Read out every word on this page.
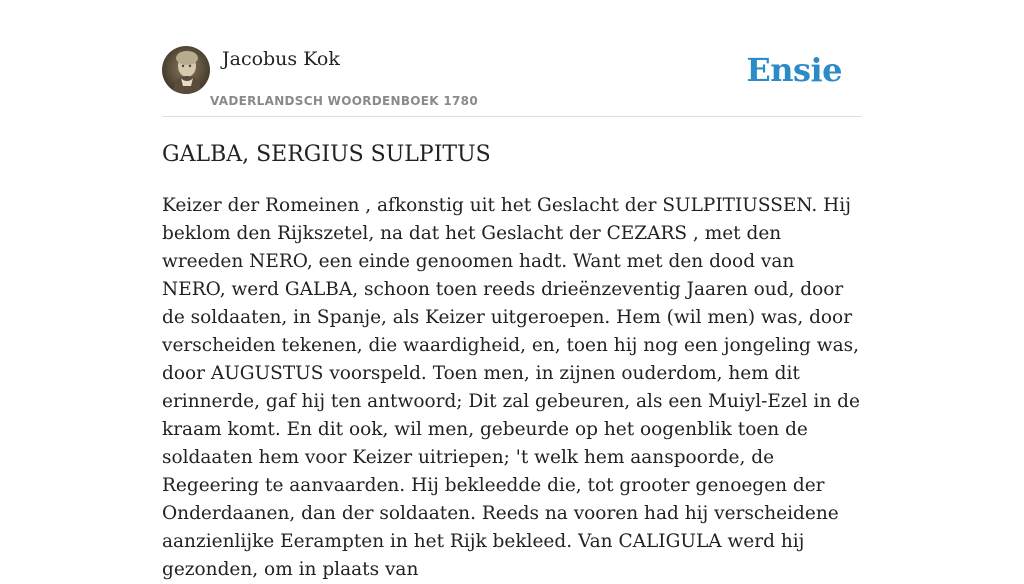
Jacobus Kok
VADERLANDSCH WOORDENBOEK 1780
Ensie
GALBA, SERGIUS SULPITUS

Keizer der Romeinen , afkonstig uit het Geslacht der SULPITIUSSEN. Hij beklom den Rijkszetel, na dat het Geslacht der CEZARS , met den wreeden NERO, een einde genoomen hadt. Want met den dood van NERO, werd GALBA, schoon toen reeds drieënzeventig Jaaren oud, door de soldaaten, in Spanje, als Keizer uitgeroepen. Hem (wil men) was, door verscheiden tekenen, die waardigheid, en, toen hij nog een jongeling was, door AUGUSTUS voorspeld. Toen men, in zijnen ouderdom, hem dit erinnerde, gaf hij ten antwoord; Dit zal gebeuren, als een Muiyl-Ezel in de kraam komt. En dit ook, wil men, gebeurde op het oogenblik toen de soldaaten hem voor Keizer uitriepen; 't welk hem aanspoorde, de Regeering te aanvaarden. Hij bekleedde die, tot grooter genoegen der Onderdaanen, dan der soldaaten. Reeds na vooren had hij verscheidene aanzienlijke Eerampten in het Rijk bekleed. Van CALIGULA werd hij gezonden, om in plaats van
